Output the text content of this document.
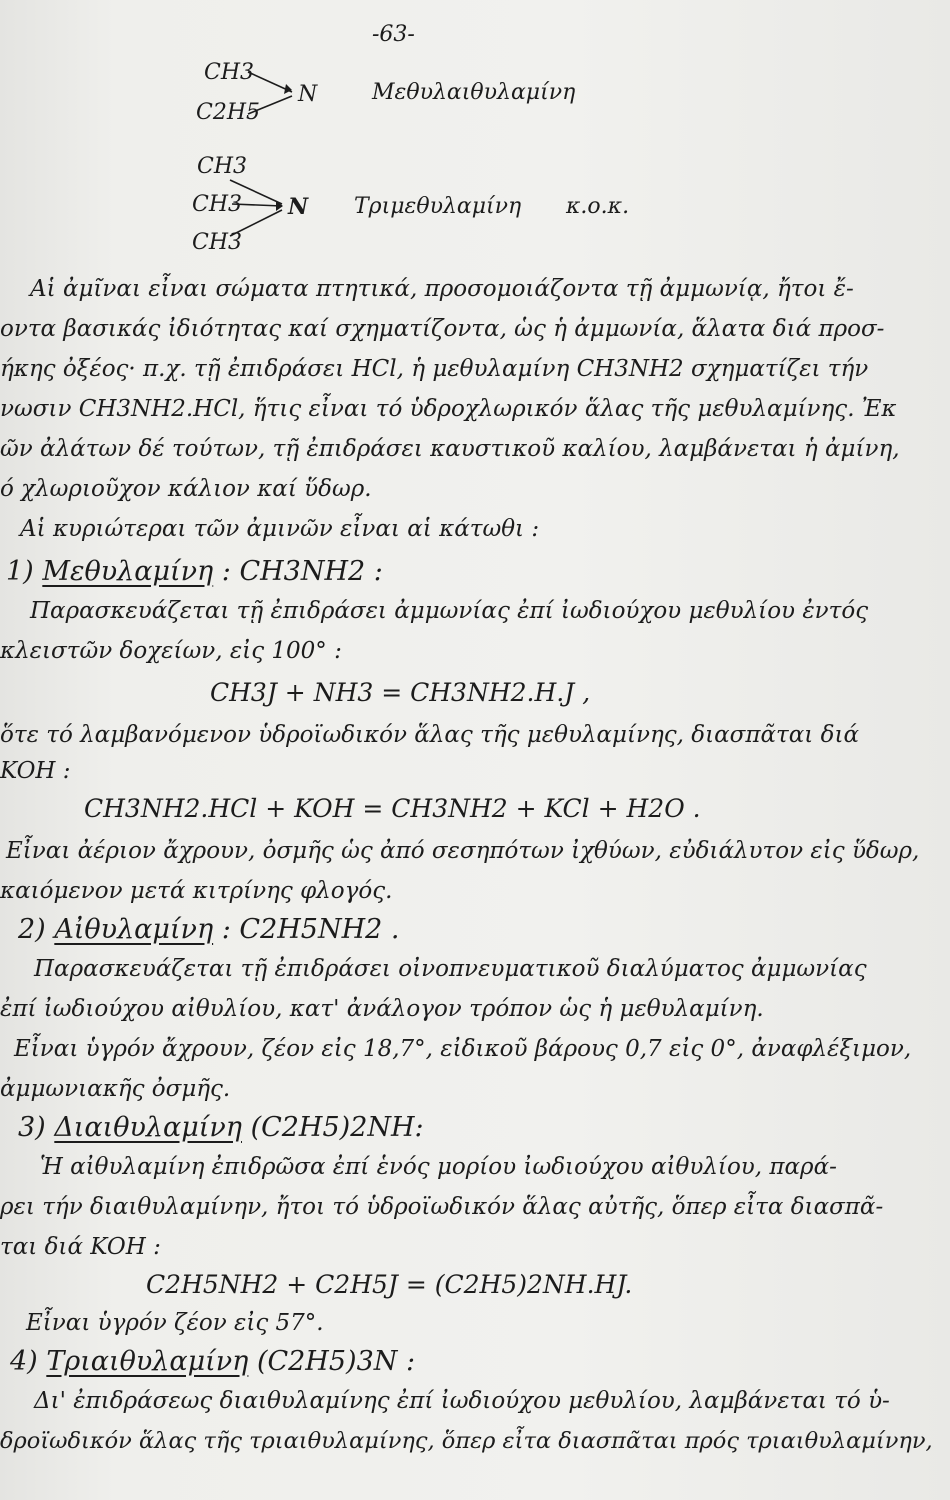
-63-
CH3
C2H5
N Μεθυλαιθυλαμίνη
CH3
CH3
CH3
N Τριμεθυλαμίνη κ.ο.κ.
Αἱ ἀμῖναι εἶναι σώματα πτητικά, προσομοιάζοντα τῇ ἀμμωνίᾳ, ἤτοι ἔ-
οντα βασικάς ἰδιότητας καί σχηματίζοντα, ὡς ἡ ἀμμωνία, ἅλατα διά προσ-
ήκης ὀξέος· π.χ. τῇ ἐπιδράσει HCl, ἡ μεθυλαμίνη CH3NH2 σχηματίζει τήν
νωσιν CH3NH2.HCl, ἥτις εἶναι τό ὑδροχλωρικόν ἅλας τῆς μεθυλαμίνης. Ἐκ
ῶν ἀλάτων δέ τούτων, τῇ ἐπιδράσει καυστικοῦ καλίου, λαμβάνεται ἡ ἀμίνη,
ό χλωριοῦχον κάλιον καί ὕδωρ.
Αἱ κυριώτεραι τῶν ἀμινῶν εἶναι αἱ κάτωθι :
1) Μεθυλαμίνη : CH3NH2 :
Παρασκευάζεται τῇ ἐπιδράσει ἀμμωνίας ἐπί ἰωδιούχου μεθυλίου ἐντός
κλειστῶν δοχείων, εἰς 100° :
CH3J + NH3 = CH3NH2.H.J ,
ὅτε τό λαμβανόμενον ὑδροϊωδικόν ἅλας τῆς μεθυλαμίνης, διασπᾶται διά
KOH :
CH3NH2.HCl + KOH = CH3NH2 + KCl + H2O .
Εἶναι ἀέριον ἄχρουν, ὀσμῆς ὡς ἀπό σεσηπότων ἰχθύων, εὐδιάλυτον εἰς ὕδωρ,
καιόμενον μετά κιτρίνης φλογός.
2) Αἰθυλαμίνη : C2H5NH2 .
Παρασκευάζεται τῇ ἐπιδράσει οἰνοπνευματικοῦ διαλύματος ἀμμωνίας
ἐπί ἰωδιούχου αἰθυλίου, κατ' ἀνάλογον τρόπον ὡς ἡ μεθυλαμίνη.
Εἶναι ὑγρόν ἄχρουν, ζέον εἰς 18,7°, εἰδικοῦ βάρους 0,7 εἰς 0°, ἀναφλέξιμον,
ἀμμωνιακῆς ὀσμῆς.
3) Διαιθυλαμίνη (C2H5)2NH:
Ἡ αἰθυλαμίνη ἐπιδρῶσα ἐπί ἑνός μορίου ἰωδιούχου αἰθυλίου, παρά-
ρει τήν διαιθυλαμίνην, ἤτοι τό ὑδροϊωδικόν ἅλας αὐτῆς, ὅπερ εἶτα διασπᾶ-
ται διά KOH :
C2H5NH2 + C2H5J = (C2H5)2NH.HJ.
Εἶναι ὑγρόν ζέον εἰς 57°.
4) Τριαιθυλαμίνη (C2H5)3N :
Δι' ἐπιδράσεως διαιθυλαμίνης ἐπί ἰωδιούχου μεθυλίου, λαμβάνεται τό ὑ-
δροϊωδικόν ἅλας τῆς τριαιθυλαμίνης, ὅπερ εἶτα διασπᾶται πρός τριαιθυλαμίνην,
